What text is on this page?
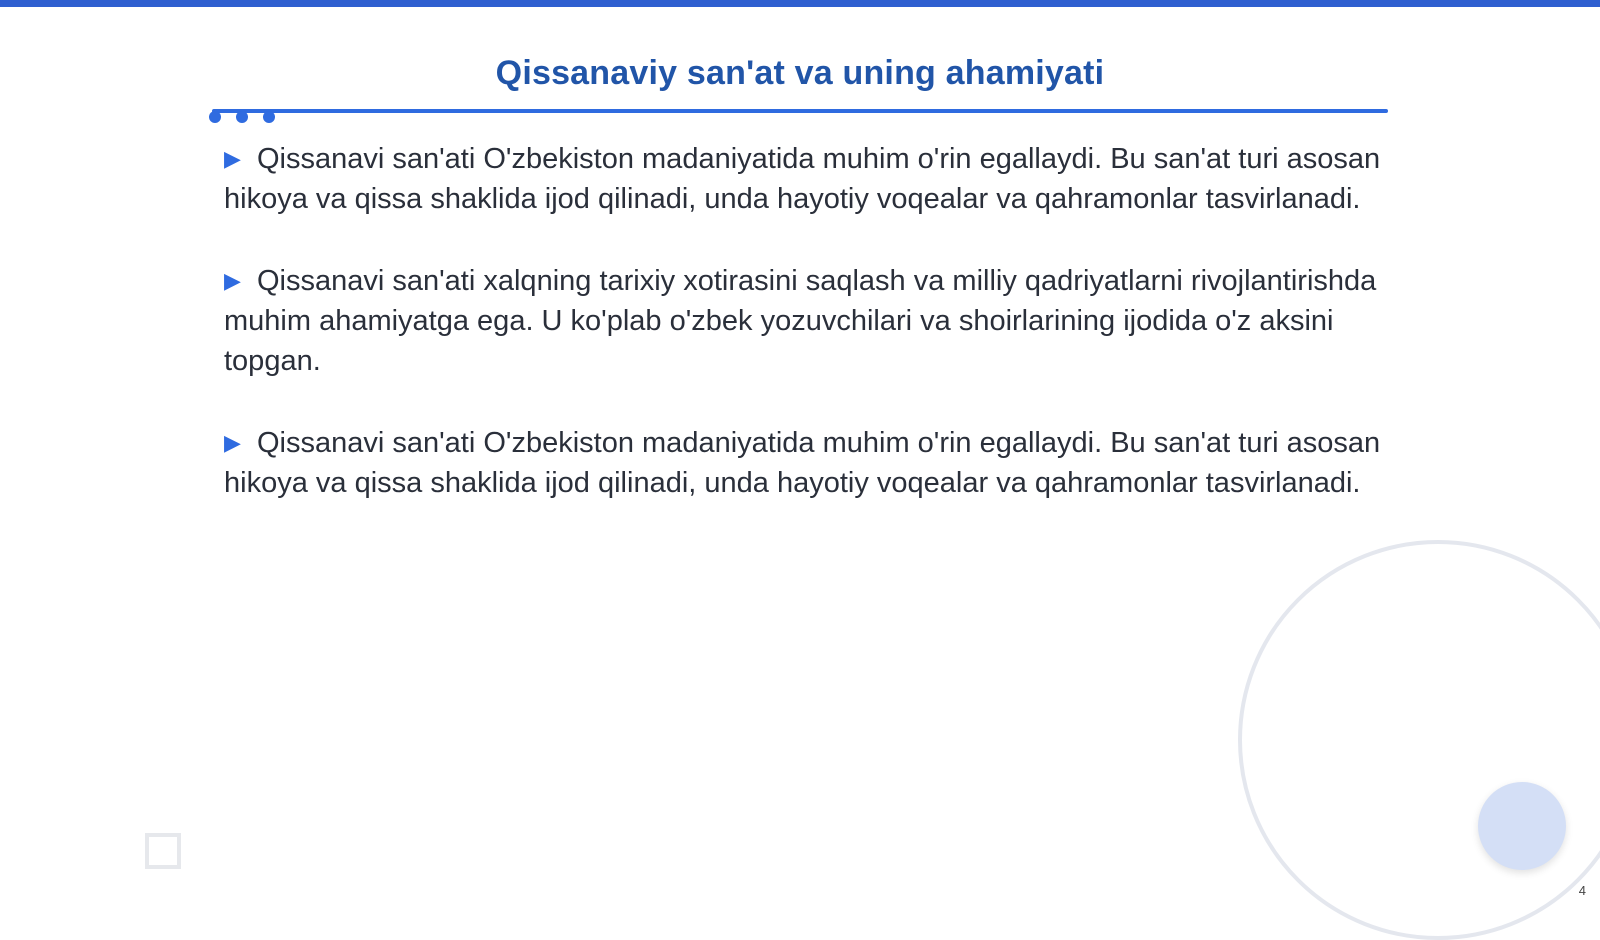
Qissanaviy san'at va uning ahamiyati

▶ Qissanavi san'ati O'zbekiston madaniyatida muhim o'rin egallaydi. Bu san'at turi asosan hikoya va qissa shaklida ijod qilinadi, unda hayotiy voqealar va qahramonlar tasvirlanadi.

▶ Qissanavi san'ati xalqning tarixiy xotirasini saqlash va milliy qadriyatlarni rivojlantirishda muhim ahamiyatga ega. U ko'plab o'zbek yozuvchilari va shoirlarining ijodida o'z aksini topgan.

▶ Qissanavi san'ati O'zbekiston madaniyatida muhim o'rin egallaydi. Bu san'at turi asosan hikoya va qissa shaklida ijod qilinadi, unda hayotiy voqealar va qahramonlar tasvirlanadi.

4
